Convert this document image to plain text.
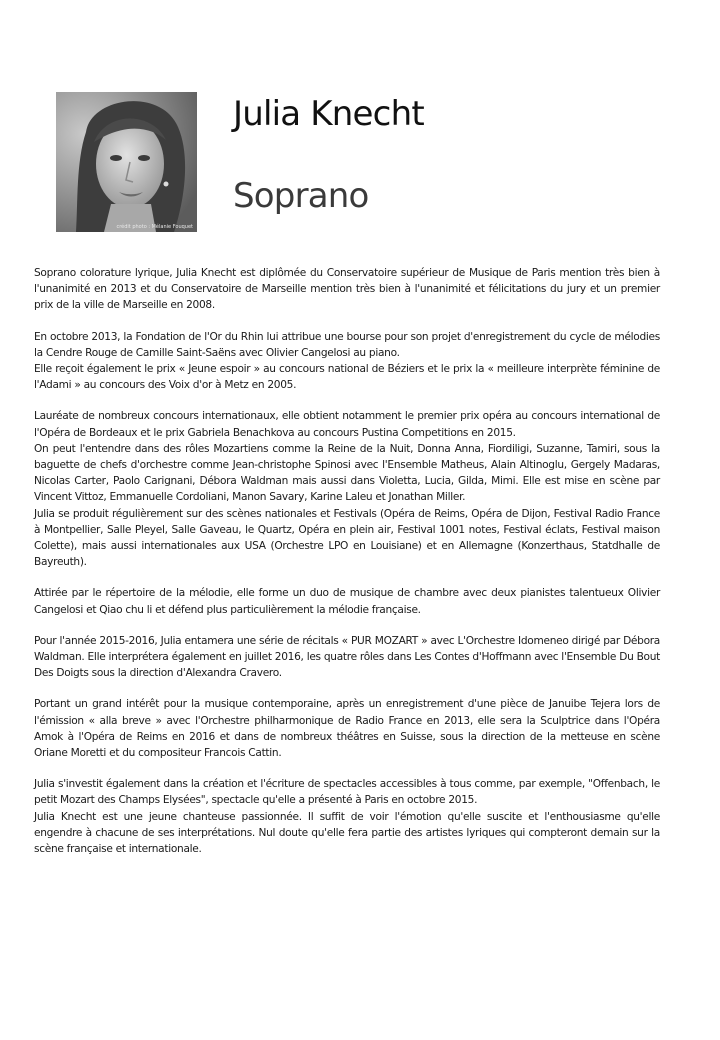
crédit photo : Mélanie Fouquet
Julia Knecht
Soprano

Soprano colorature lyrique, Julia Knecht est diplômée du Conservatoire supérieur de Musique de Paris mention très bien à l'unanimité en 2013 et du Conservatoire de Marseille mention très bien à l'unanimité et félicitations du jury et un premier prix de la ville de Marseille en 2008.

En octobre 2013, la Fondation de l'Or du Rhin lui attribue une bourse pour son projet d'enregistrement du cycle de mélodies la Cendre Rouge de Camille Saint-Saëns avec Olivier Cangelosi au piano.
Elle reçoit également le prix « Jeune espoir » au concours national de Béziers et le prix la « meilleure interprète féminine de l'Adami » au concours des Voix d'or à Metz en 2005.

Lauréate de nombreux concours internationaux, elle obtient notamment le premier prix opéra au concours international de l'Opéra de Bordeaux et le prix Gabriela Benachkova au concours Pustina Competitions en 2015.
On peut l'entendre dans des rôles Mozartiens comme la Reine de la Nuit, Donna Anna, Fiordiligi, Suzanne, Tamiri, sous la baguette de chefs d'orchestre comme Jean-christophe Spinosi avec l'Ensemble Matheus, Alain Altinoglu, Gergely Madaras, Nicolas Carter, Paolo Carignani, Débora Waldman mais aussi dans Violetta, Lucia, Gilda, Mimi. Elle est mise en scène par Vincent Vittoz, Emmanuelle Cordoliani, Manon Savary, Karine Laleu et Jonathan Miller.
Julia se produit régulièrement sur des scènes nationales et Festivals (Opéra de Reims, Opéra de Dijon, Festival Radio France à Montpellier, Salle Pleyel, Salle Gaveau, le Quartz, Opéra en plein air, Festival 1001 notes, Festival éclats, Festival maison Colette), mais aussi internationales aux USA (Orchestre LPO en Louisiane) et en Allemagne (Konzerthaus, Statdhalle de Bayreuth).

Attirée par le répertoire de la mélodie, elle forme un duo de musique de chambre avec deux pianistes talentueux Olivier Cangelosi et Qiao chu li et défend plus particulièrement la mélodie française.

Pour l'année 2015-2016, Julia entamera une série de récitals « PUR MOZART » avec L'Orchestre Idomeneo dirigé par Débora Waldman. Elle interprétera également en juillet 2016, les quatre rôles dans Les Contes d'Hoffmann avec l'Ensemble Du Bout Des Doigts sous la direction d'Alexandra Cravero.

Portant un grand intérêt pour la musique contemporaine, après un enregistrement d'une pièce de Januibe Tejera lors de l'émission « alla breve » avec l'Orchestre philharmonique de Radio France en 2013, elle sera la Sculptrice dans l'Opéra Amok à l'Opéra de Reims en 2016 et dans de nombreux théâtres en Suisse, sous la direction de la metteuse en scène Oriane Moretti et du compositeur Francois Cattin.

Julia s'investit également dans la création et l'écriture de spectacles accessibles à tous comme, par exemple, "Offenbach, le petit Mozart des Champs Elysées", spectacle qu'elle a présenté à Paris en octobre 2015.
Julia Knecht est une jeune chanteuse passionnée. Il suffit de voir l'émotion qu'elle suscite et l'enthousiasme qu'elle engendre à chacune de ses interprétations. Nul doute qu'elle fera partie des artistes lyriques qui compteront demain sur la scène française et internationale.
